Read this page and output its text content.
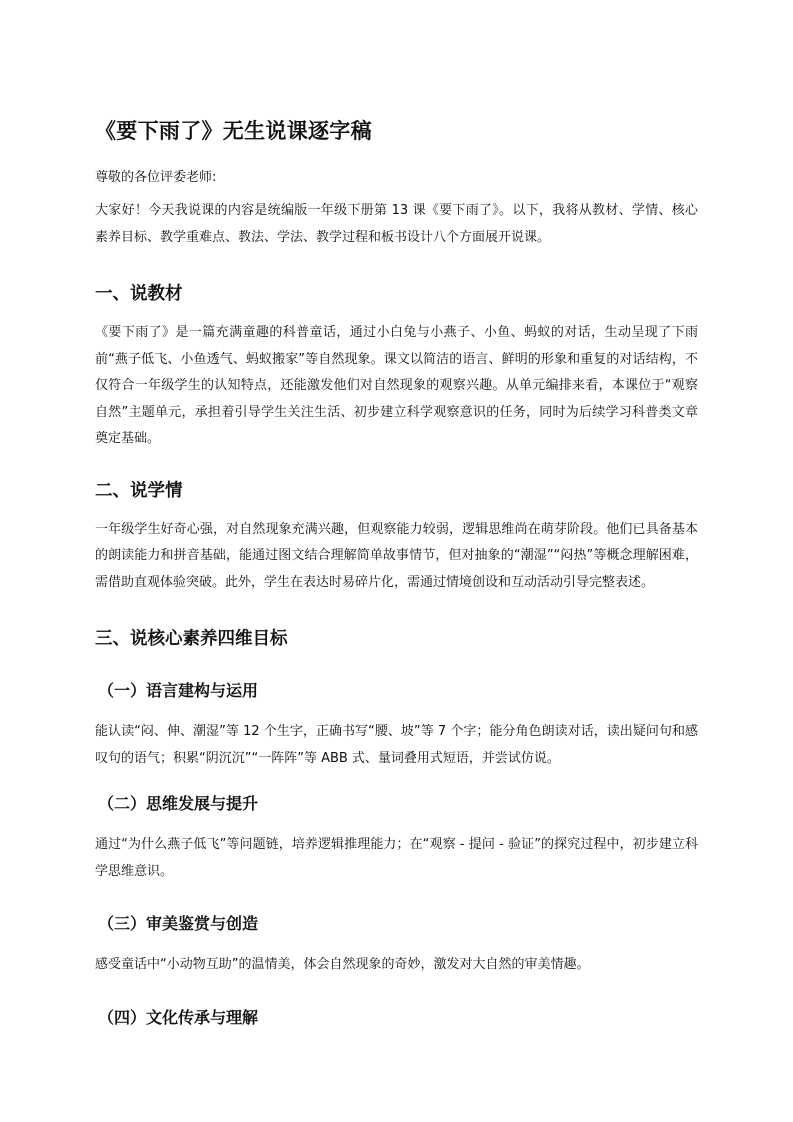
《要下雨了》无生说课逐字稿

尊敬的各位评委老师:

大家好！今天我说课的内容是统编版一年级下册第 13 课《要下雨了》。以下，我将从教材、学情、核心素养目标、教学重难点、教法、学法、教学过程和板书设计八个方面展开说课。

一、说教材

《要下雨了》是一篇充满童趣的科普童话，通过小白兔与小燕子、小鱼、蚂蚁的对话，生动呈现了下雨前“燕子低飞、小鱼透气、蚂蚁搬家”等自然现象。课文以简洁的语言、鲜明的形象和重复的对话结构，不仅符合一年级学生的认知特点，还能激发他们对自然现象的观察兴趣。从单元编排来看，本课位于“观察自然”主题单元，承担着引导学生关注生活、初步建立科学观察意识的任务，同时为后续学习科普类文章奠定基础。

二、说学情

一年级学生好奇心强，对自然现象充满兴趣，但观察能力较弱，逻辑思维尚在萌芽阶段。他们已具备基本的朗读能力和拼音基础，能通过图文结合理解简单故事情节，但对抽象的“潮湿”“闷热”等概念理解困难，需借助直观体验突破。此外，学生在表达时易碎片化，需通过情境创设和互动活动引导完整表述。

三、说核心素养四维目标
（一）语言建构与运用

能认读“闷、伸、潮湿”等 12 个生字，正确书写“腰、坡”等 7 个字；能分角色朗读对话，读出疑问句和感叹句的语气；积累“阴沉沉”“一阵阵”等 ABB 式、量词叠用式短语，并尝试仿说。

（二）思维发展与提升

通过“为什么燕子低飞”等问题链，培养逻辑推理能力；在“观察 - 提问 - 验证”的探究过程中，初步建立科学思维意识。

（三）审美鉴赏与创造

感受童话中“小动物互助”的温情美，体会自然现象的奇妙，激发对大自然的审美情趣。

（四）文化传承与理解
